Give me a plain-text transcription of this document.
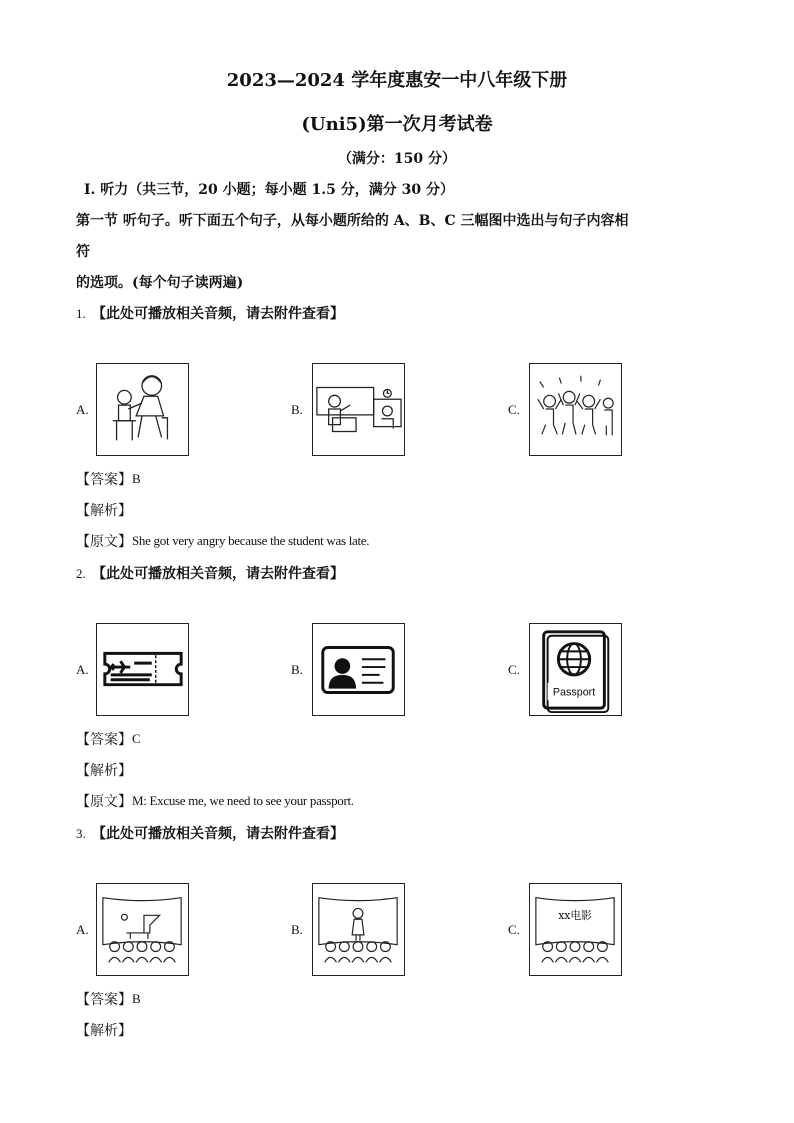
2023—2024 学年度惠安一中八年级下册
(Uni5)第一次月考试卷
（满分：150 分）
Ⅰ. 听力（共三节，20 小题；每小题 1.5 分，满分 30 分）
第一节 听句子。听下面五个句子，从每小题所给的 A、B、C 三幅图中选出与句子内容相
符
的选项。(每个句子读两遍)
1. 【此处可播放相关音频，请去附件查看】
A.	B.	C.
【答案】 B
【解析】
【原文】 She got very angry because the student was late.
2. 【此处可播放相关音频，请去附件查看】
A.	B.	C.
Passport
【答案】 C
【解析】
【原文】 M: Excuse me, we need to see your passport.
3. 【此处可播放相关音频，请去附件查看】
A.	B.	C.
xx电影
【答案】 B
【解析】
